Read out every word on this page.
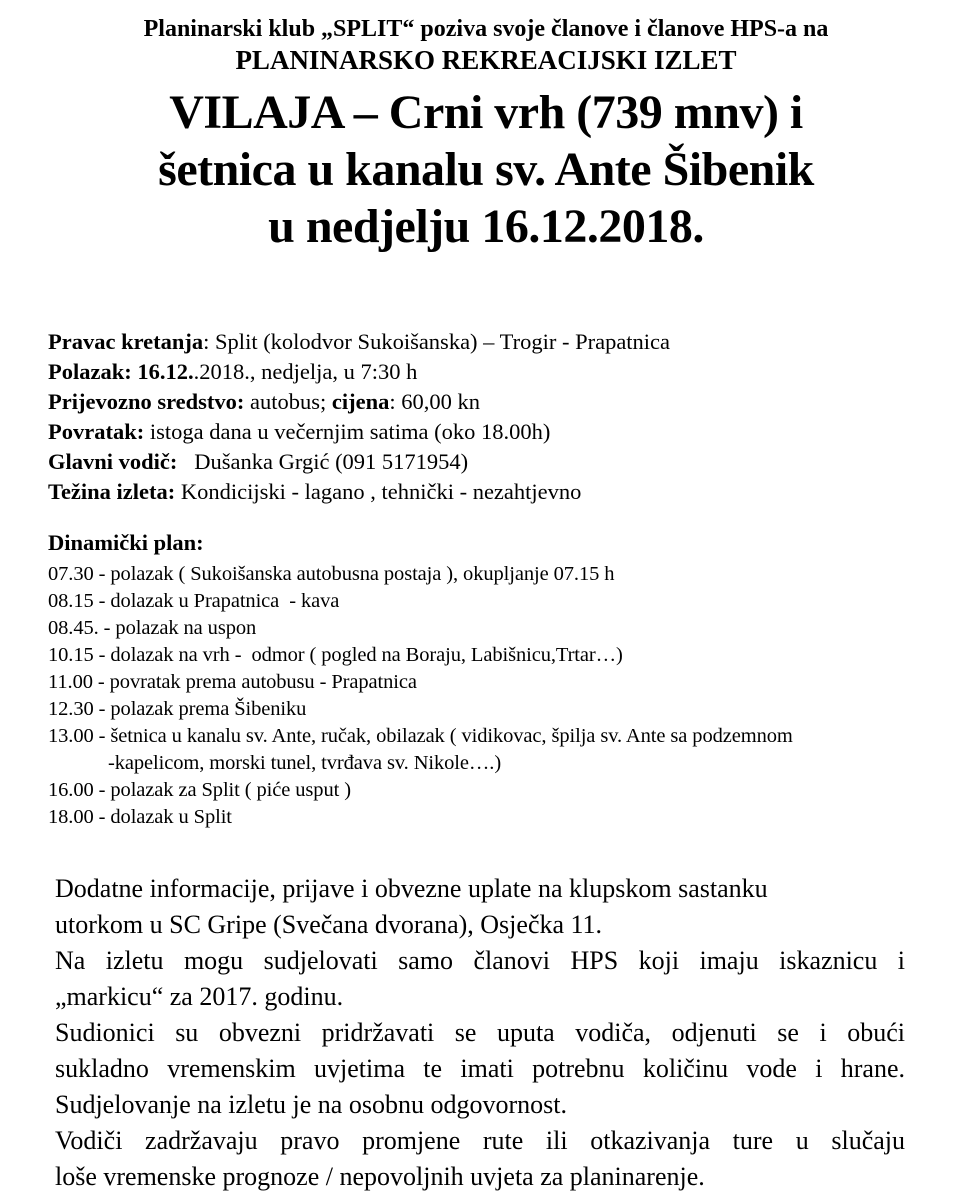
Planinarski klub „SPLIT“ poziva svoje članove i članove HPS-a na
PLANINARSKO REKREACIJSKI IZLET
VILAJA – Crni vrh (739 mnv) i
šetnica u kanalu sv. Ante Šibenik
u nedjelju 16.12.2018.
Pravac kretanja: Split (kolodvor Sukoišanska) – Trogir - Prapatnica
Polazak: 16.12..2018., nedjelja, u 7:30 h
Prijevozno sredstvo: autobus; cijena: 60,00 kn
Povratak: istoga dana u večernjim satima (oko 18.00h)
Glavni vodič:   Dušanka Grgić (091 5171954)
Težina izleta: Kondicijski - lagano , tehnički - nezahtjevno
Dinamički plan:
07.30 - polazak ( Sukoišanska autobusna postaja ), okupljanje 07.15 h
08.15 - dolazak u Prapatnica  - kava
08.45. - polazak na uspon
10.15 - dolazak na vrh -  odmor ( pogled na Boraju, Labišnicu,Trtar…)
11.00 - povratak prema autobusu - Prapatnica
12.30 - polazak prema Šibeniku
13.00 - šetnica u kanalu sv. Ante, ručak, obilazak ( vidikovac, špilja sv. Ante sa podzemnom
-kapelicom, morski tunel, tvrđava sv. Nikole….)
16.00 - polazak za Split ( piće usput )
18.00 - dolazak u Split
Dodatne informacije, prijave i obvezne uplate na klupskom sastanku
utorkom u SC Gripe (Svečana dvorana), Osječka 11.
Na izletu mogu sudjelovati samo članovi HPS koji imaju iskaznicu i
„markicu“ za 2017. godinu.
Sudionici su obvezni pridržavati se uputa vodiča, odjenuti se i obući
sukladno vremenskim uvjetima te imati potrebnu količinu vode i hrane.
Sudjelovanje na izletu je na osobnu odgovornost.
Vodiči zadržavaju pravo promjene rute ili otkazivanja ture u slučaju
loše vremenske prognoze / nepovoljnih uvjeta za planinarenje.
